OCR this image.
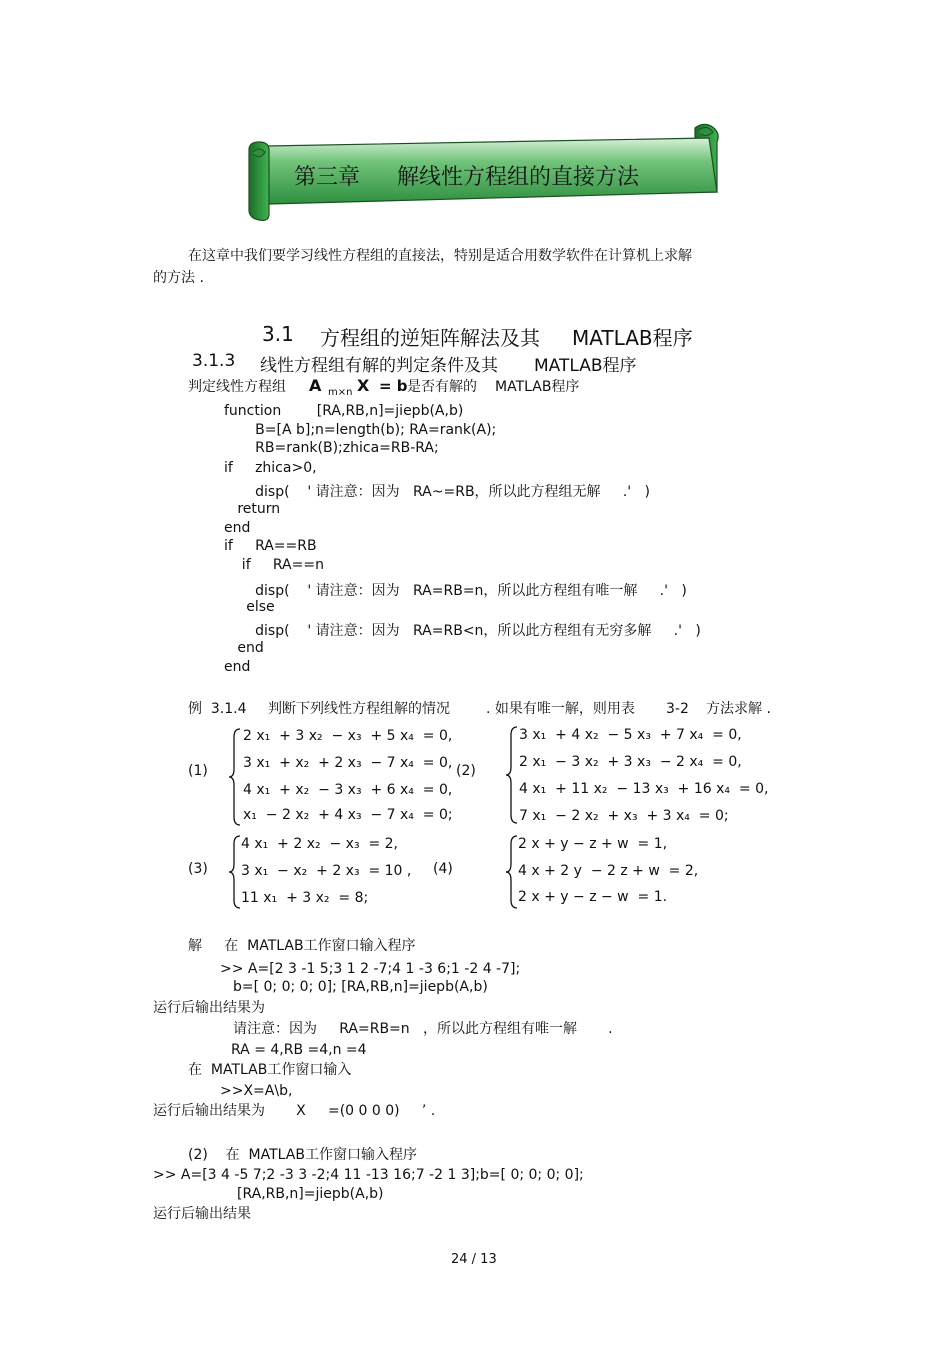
第三章 解线性方程组的直接方法
在这章中我们要学习线性方程组的直接法，特别是适合用数学软件在计算机上求解
的方法 .
3.1 方程组的逆矩阵解法及其 MATLAB程序
3.1.3 线性方程组有解的判定条件及其 MATLAB程序
判定线性方程组 A m×n X = b 是否有解的 MATLAB程序
function        [RA,RB,n]=jiepb(A,b)
B=[A b];n=length(b); RA=rank(A);
RB=rank(B);zhica=RB-RA;
if     zhica>0,
disp(    ' 请注意：因为   RA~=RB，所以此方程组无解     .'   )
return
end
if     RA==RB
if     RA==n
disp(    ' 请注意：因为   RA=RB=n，所以此方程组有唯一解     .'   )
else
disp(    ' 请注意：因为   RA=RB<n，所以此方程组有无穷多解     .'   )
end
end
例  3.1.4 判断下列线性方程组解的情况	. 如果有唯一解，则用表 3-2 方法求解 .
(1)
2 x₁  + 3 x₂  − x₃  + 5 x₄  = 0,
3 x₁  + x₂  + 2 x₃  − 7 x₄  = 0,
4 x₁  + x₂  − 3 x₃  + 6 x₄  = 0,
x₁  − 2 x₂  + 4 x₃  − 7 x₄  = 0;
(2)
3 x₁  + 4 x₂  − 5 x₃  + 7 x₄  = 0,
2 x₁  − 3 x₂  + 3 x₃  − 2 x₄  = 0,
4 x₁  + 11 x₂  − 13 x₃  + 16 x₄  = 0,
7 x₁  − 2 x₂  + x₃  + 3 x₄  = 0;
(3)
4 x₁  + 2 x₂  − x₃  = 2,
3 x₁  − x₂  + 2 x₃  = 10 ,
11 x₁  + 3 x₂  = 8;
(4)
2 x + y − z + w  = 1,
4 x + 2 y  − 2 z + w  = 2,
2 x + y − z − w  = 1.
解     在  MATLAB工作窗口输入程序
>> A=[2 3 -1 5;3 1 2 -7;4 1 -3 6;1 -2 4 -7];
b=[ 0; 0; 0; 0]; [RA,RB,n]=jiepb(A,b)
运行后输出结果为
请注意：因为     RA=RB=n   ，所以此方程组有唯一解       .
RA = 4,RB =4,n =4
在  MATLAB工作窗口输入
>>X=A\b,
运行后输出结果为       X     =(0 0 0 0)     ’ .
(2)    在  MATLAB工作窗口输入程序
>> A=[3 4 -5 7;2 -3 3 -2;4 11 -13 16;7 -2 1 3];b=[ 0; 0; 0; 0];
[RA,RB,n]=jiepb(A,b)
运行后输出结果
24 / 13
